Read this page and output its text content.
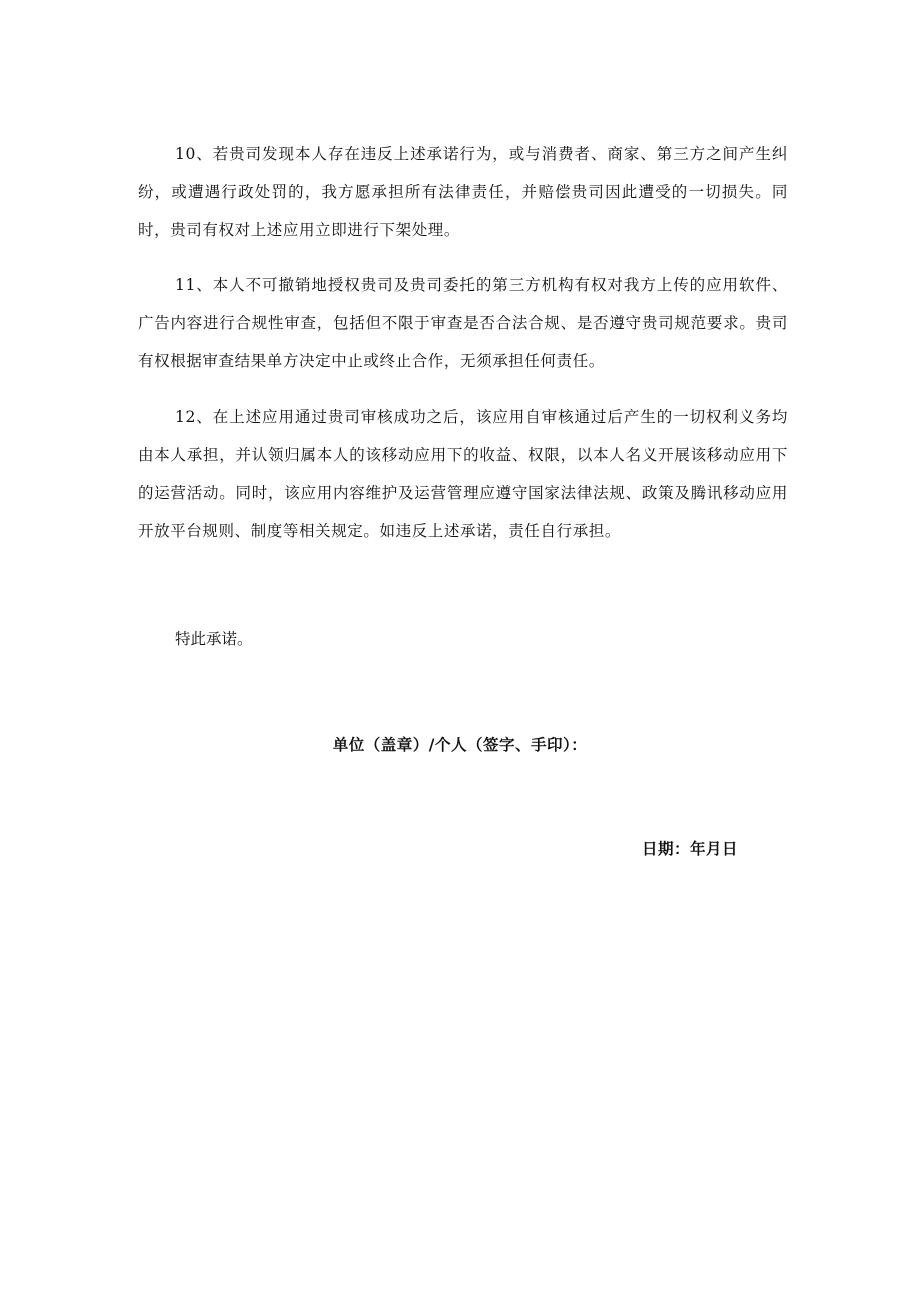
10、若贵司发现本人存在违反上述承诺行为，或与消费者、商家、第三方之间产生纠纷，或遭遇行政处罚的，我方愿承担所有法律责任，并赔偿贵司因此遭受的一切损失。同时，贵司有权对上述应用立即进行下架处理。

11、本人不可撤销地授权贵司及贵司委托的第三方机构有权对我方上传的应用软件、广告内容进行合规性审查，包括但不限于审查是否合法合规、是否遵守贵司规范要求。贵司有权根据审查结果单方决定中止或终止合作，无须承担任何责任。

12、在上述应用通过贵司审核成功之后，该应用自审核通过后产生的一切权利义务均由本人承担，并认领归属本人的该移动应用下的收益、权限，以本人名义开展该移动应用下的运营活动。同时，该应用内容维护及运营管理应遵守国家法律法规、政策及腾讯移动应用开放平台规则、制度等相关规定。如违反上述承诺，责任自行承担。

特此承诺。

单位（盖章）/个人（签字、手印）：

日期：年月日
